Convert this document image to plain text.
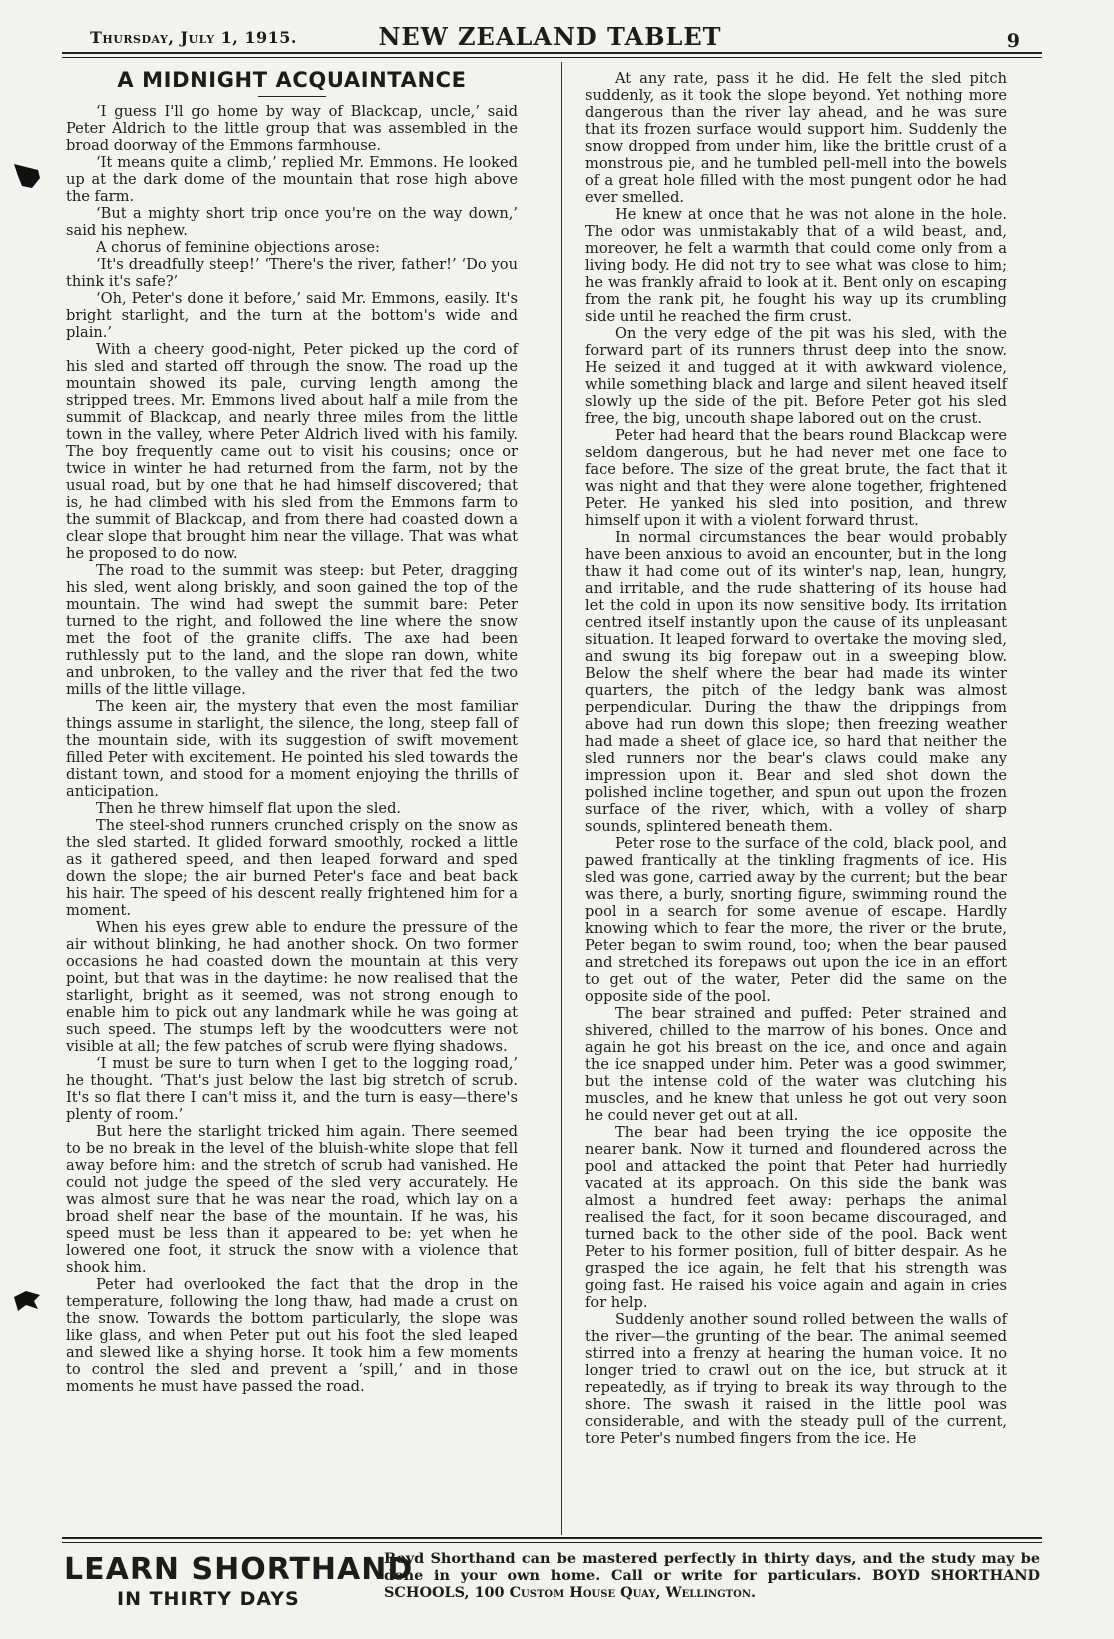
Thursday, July 1, 1915.	NEW ZEALAND TABLET	9
A MIDNIGHT ACQUAINTANCE

‘I guess I'll go home by way of Blackcap, uncle,’ said Peter Aldrich to the little group that was assembled in the broad doorway of the Emmons farmhouse.

‘It means quite a climb,’ replied Mr. Emmons. He looked up at the dark dome of the mountain that rose high above the farm.

‘But a mighty short trip once you're on the way down,’ said his nephew.

A chorus of feminine objections arose:

‘It's dreadfully steep!’ ‘There's the river, father!’ ‘Do you think it's safe?’

‘Oh, Peter's done it before,’ said Mr. Emmons, easily. It's bright starlight, and the turn at the bottom's wide and plain.’

With a cheery good-night, Peter picked up the cord of his sled and started off through the snow. The road up the mountain showed its pale, curving length among the stripped trees. Mr. Emmons lived about half a mile from the summit of Blackcap, and nearly three miles from the little town in the valley, where Peter Aldrich lived with his family. The boy frequently came out to visit his cousins; once or twice in winter he had returned from the farm, not by the usual road, but by one that he had himself discovered; that is, he had climbed with his sled from the Emmons farm to the summit of Blackcap, and from there had coasted down a clear slope that brought him near the village. That was what he proposed to do now.

The road to the summit was steep: but Peter, dragging his sled, went along briskly, and soon gained the top of the mountain. The wind had swept the summit bare: Peter turned to the right, and followed the line where the snow met the foot of the granite cliffs. The axe had been ruthlessly put to the land, and the slope ran down, white and unbroken, to the valley and the river that fed the two mills of the little village.

The keen air, the mystery that even the most familiar things assume in starlight, the silence, the long, steep fall of the mountain side, with its suggestion of swift movement filled Peter with excitement. He pointed his sled towards the distant town, and stood for a moment enjoying the thrills of anticipation.

Then he threw himself flat upon the sled.

The steel-shod runners crunched crisply on the snow as the sled started. It glided forward smoothly, rocked a little as it gathered speed, and then leaped forward and sped down the slope; the air burned Peter's face and beat back his hair. The speed of his descent really frightened him for a moment.

When his eyes grew able to endure the pressure of the air without blinking, he had another shock. On two former occasions he had coasted down the mountain at this very point, but that was in the daytime: he now realised that the starlight, bright as it seemed, was not strong enough to enable him to pick out any landmark while he was going at such speed. The stumps left by the woodcutters were not visible at all; the few patches of scrub were flying shadows.

‘I must be sure to turn when I get to the logging road,’ he thought. ‘That's just below the last big stretch of scrub. It's so flat there I can't miss it, and the turn is easy—there's plenty of room.’

But here the starlight tricked him again. There seemed to be no break in the level of the bluish-white slope that fell away before him: and the stretch of scrub had vanished. He could not judge the speed of the sled very accurately. He was almost sure that he was near the road, which lay on a broad shelf near the base of the mountain. If he was, his speed must be less than it appeared to be: yet when he lowered one foot, it struck the snow with a violence that shook him.

Peter had overlooked the fact that the drop in the temperature, following the long thaw, had made a crust on the snow. Towards the bottom particularly, the slope was like glass, and when Peter put out his foot the sled leaped and slewed like a shying horse. It took him a few moments to control the sled and prevent a ‘spill,’ and in those moments he must have passed the road.

At any rate, pass it he did. He felt the sled pitch suddenly, as it took the slope beyond. Yet nothing more dangerous than the river lay ahead, and he was sure that its frozen surface would support him. Suddenly the snow dropped from under him, like the brittle crust of a monstrous pie, and he tumbled pell-mell into the bowels of a great hole filled with the most pungent odor he had ever smelled.

He knew at once that he was not alone in the hole. The odor was unmistakably that of a wild beast, and, moreover, he felt a warmth that could come only from a living body. He did not try to see what was close to him; he was frankly afraid to look at it. Bent only on escaping from the rank pit, he fought his way up its crumbling side until he reached the firm crust.

On the very edge of the pit was his sled, with the forward part of its runners thrust deep into the snow. He seized it and tugged at it with awkward violence, while something black and large and silent heaved itself slowly up the side of the pit. Before Peter got his sled free, the big, uncouth shape labored out on the crust.

Peter had heard that the bears round Blackcap were seldom dangerous, but he had never met one face to face before. The size of the great brute, the fact that it was night and that they were alone together, frightened Peter. He yanked his sled into position, and threw himself upon it with a violent forward thrust.

In normal circumstances the bear would probably have been anxious to avoid an encounter, but in the long thaw it had come out of its winter's nap, lean, hungry, and irritable, and the rude shattering of its house had let the cold in upon its now sensitive body. Its irritation centred itself instantly upon the cause of its unpleasant situation. It leaped forward to overtake the moving sled, and swung its big forepaw out in a sweeping blow. Below the shelf where the bear had made its winter quarters, the pitch of the ledgy bank was almost perpendicular. During the thaw the drippings from above had run down this slope; then freezing weather had made a sheet of glace ice, so hard that neither the sled runners nor the bear's claws could make any impression upon it. Bear and sled shot down the polished incline together, and spun out upon the frozen surface of the river, which, with a volley of sharp sounds, splintered beneath them.

Peter rose to the surface of the cold, black pool, and pawed frantically at the tinkling fragments of ice. His sled was gone, carried away by the current; but the bear was there, a burly, snorting figure, swimming round the pool in a search for some avenue of escape. Hardly knowing which to fear the more, the river or the brute, Peter began to swim round, too; when the bear paused and stretched its forepaws out upon the ice in an effort to get out of the water, Peter did the same on the opposite side of the pool.

The bear strained and puffed: Peter strained and shivered, chilled to the marrow of his bones. Once and again he got his breast on the ice, and once and again the ice snapped under him. Peter was a good swimmer, but the intense cold of the water was clutching his muscles, and he knew that unless he got out very soon he could never get out at all.

The bear had been trying the ice opposite the nearer bank. Now it turned and floundered across the pool and attacked the point that Peter had hurriedly vacated at its approach. On this side the bank was almost a hundred feet away: perhaps the animal realised the fact, for it soon became discouraged, and turned back to the other side of the pool. Back went Peter to his former position, full of bitter despair. As he grasped the ice again, he felt that his strength was going fast. He raised his voice again and again in cries for help.

Suddenly another sound rolled between the walls of the river—the grunting of the bear. The animal seemed stirred into a frenzy at hearing the human voice. It no longer tried to crawl out on the ice, but struck at it repeatedly, as if trying to break its way through to the shore. The swash it raised in the little pool was considerable, and with the steady pull of the current, tore Peter's numbed fingers from the ice. He

LEARN SHORTHAND
IN THIRTY DAYS
Boyd Shorthand can be mastered perfectly in thirty days, and the study may be done in your own home. Call or write for particulars. BOYD SHORTHAND SCHOOLS, 100 Custom House Quay, Wellington.
